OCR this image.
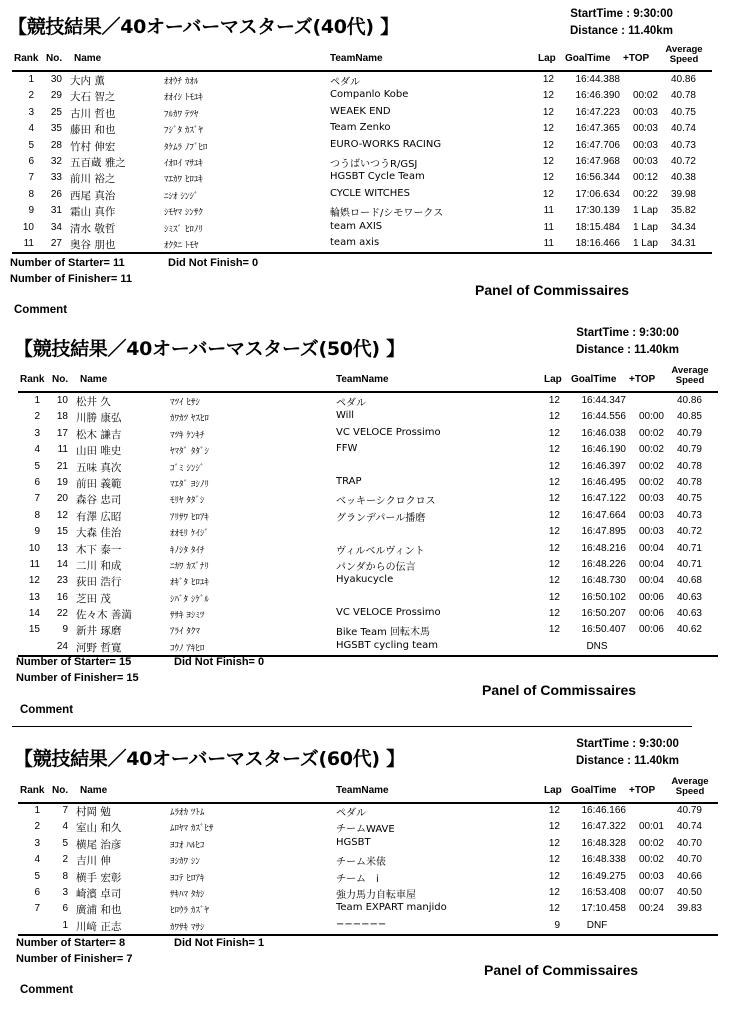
【競技結果／40オーバーマスターズ(40代) 】
StartTime : 9:30:00
Distance : 11.40km
Rank No. Name	TeamName	Lap GoalTime +TOP
Average
Speed
1	30 大内 薫	ｵｵｳﾁ ｶｵﾙ	ペダル	12	16:44.388	40.86
2	29 大石 智之	ｵｵｲｼ ﾄﾓﾕｷ	Companlo Kobe	12	16:46.390	00:02	40.78
3	25 古川 哲也	ﾌﾙｶﾜ ﾃﾂﾔ	WEAEK END	12	16:47.223	00:03	40.75
4	35 藤田 和也	ﾌｼﾞﾀ ｶｽﾞﾔ	Team Zenko	12	16:47.365	00:03	40.74
5	28 竹村 伸宏	ﾀｹﾑﾗ ﾉﾌﾞﾋﾛ	EURO-WORKS RACING	12	16:47.706	00:03	40.73
6	32 五百蔵 雅之	ｲｵﾛｲ ﾏｻﾕｷ	つうばいつうR/GSJ	12	16:47.968	00:03	40.72
7	33 前川 裕之	ﾏｴｶﾜ ﾋﾛﾕｷ	HGSBT Cycle Team	12	16:56.344	00:12	40.38
8	26 西尾 真治	ﾆｼｵ ｼﾝｼﾞ	CYCLE WITCHES	12	17:06.634	00:22	39.98
9	31 霜山 真作	ｼﾓﾔﾏ ｼﾝｻｸ	輪娯ロード/シモワークス	11	17:30.139	1 Lap	35.82
10	34 清水 敬哲	ｼﾐｽﾞ ﾋﾛﾉﾘ	team AXIS	11	18:15.484	1 Lap	34.34
11	27 奥谷 朋也	ｵｸﾀﾆ ﾄﾓﾔ	team axis	11	18:16.466	1 Lap	34.31
Number of Starter= 11	Did Not Finish= 0
Number of Finisher= 11
Panel of Commissaires
Comment
【競技結果／40オーバーマスターズ(50代) 】
StartTime : 9:30:00
Distance : 11.40km
Rank No. Name	TeamName	Lap GoalTime +TOP
Average
Speed
1	10 松井 久	ﾏﾂｲ ﾋｻｼ	ペダル	12	16:44.347	40.86
2	18 川勝 康弘	ｶﾜｶﾂ ﾔｽﾋﾛ	Will	12	16:44.556	00:00	40.85
3	17 松木 謙吉	ﾏﾂｷ ｹﾝｷﾁ	VC VELOCE Prossimo	12	16:46.038	00:02	40.79
4	11 山田 唯史	ﾔﾏﾀﾞ ﾀﾀﾞｼ	FFW	12	16:46.190	00:02	40.79
5	21 五味 真次	ｺﾞﾐ ｼﾝｼﾞ	12	16:46.397	00:02	40.78
6	19 前田 義範	ﾏｴﾀﾞ ﾖｼﾉﾘ	TRAP	12	16:46.495	00:02	40.78
7	20 森谷 忠司	ﾓﾘﾔ ﾀﾀﾞｼ	ベッキーシクロクロス	12	16:47.122	00:03	40.75
8	12 有澤 広昭	ｱﾘｻﾜ ﾋﾛｱｷ	グランデパール播磨	12	16:47.664	00:03	40.73
9	15 大森 佳治	ｵｵﾓﾘ ｹｲｼﾞ	12	16:47.895	00:03	40.72
10	13 木下 泰一	ｷﾉｼﾀ ﾀｲﾁ	ヴィルベルヴィント	12	16:48.216	00:04	40.71
11	14 二川 和成	ﾆｶﾜ ｶｽﾞﾅﾘ	パンダからの伝言	12	16:48.226	00:04	40.71
12	23 荻田 浩行	ｵｷﾞﾀ ﾋﾛﾕｷ	Hyakucycle	12	16:48.730	00:04	40.68
13	16 芝田 茂	ｼﾊﾞﾀ ｼｹﾞﾙ	12	16:50.102	00:06	40.63
14	22 佐々木 善満	ｻｻｷ ﾖｼﾐﾂ	VC VELOCE Prossimo	12	16:50.207	00:06	40.63
15	9 新井 琢磨	ｱﾗｲ ﾀｸﾏ	Bike Team 回転木馬	12	16:50.407	00:06	40.62
24 河野 哲寛	ｺｳﾉ ｱｷﾋﾛ	HGSBT cycling team	DNS
Number of Starter= 15	Did Not Finish= 0
Number of Finisher= 15
Panel of Commissaires
Comment
【競技結果／40オーバーマスターズ(60代) 】
StartTime : 9:30:00
Distance : 11.40km
Rank No. Name	TeamName	Lap GoalTime +TOP
Average
Speed
1	7 村岡 勉	ﾑﾗｵｶ ﾂﾄﾑ	ペダル	12	16:46.166	40.79
2	4 室山 和久	ﾑﾛﾔﾏ ｶｽﾞﾋｻ	チームWAVE	12	16:47.322	00:01	40.74
3	5 横尾 治彦	ﾖｺｵ ﾊﾙﾋｺ	HGSBT	12	16:48.328	00:02	40.70
4	2 吉川 伸	ﾖｼｶﾜ ｼﾝ	チーム米俵	12	16:48.338	00:02	40.70
5	8 横手 宏彰	ﾖｺﾃ ﾋﾛｱｷ	チーム　i	12	16:49.275	00:03	40.66
6	3 崎濱 卓司	ｻｷﾊﾏ ﾀｶｼ	強力馬力自転車屋	12	16:53.408	00:07	40.50
7	6 廣浦 和也	ﾋﾛｳﾗ ｶｽﾞﾔ	Team EXPART manjido	12	17:10.458	00:24	39.83
1 川﨑 正志	ｶﾜｻｷ ﾏｻｼ	−−−−−−	9	DNF
Number of Starter= 8	Did Not Finish= 1
Number of Finisher= 7
Panel of Commissaires
Comment
